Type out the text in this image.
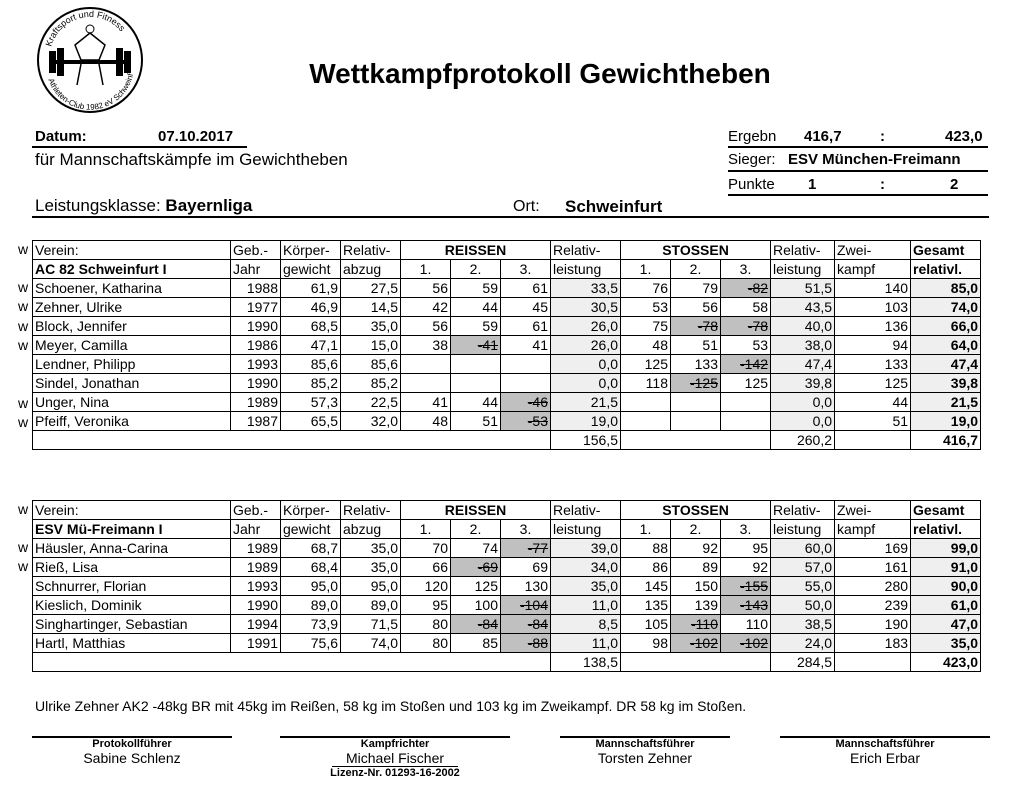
Kraftsport und Fitness
Athleten-Club 1982 eV Schweinf	Wettkampfprotokoll Gewichtheben
Datum:	07.10.2017
für Mannschaftskämpfe im Gewichtheben
Leistungsklasse: Bayernliga	Ort: Schweinfurt
Ergebn 416,7	:	423,0
Sieger: ESV München-Freimann
Punkte 1	:	2
Verein:	Geb.-	Körper-	Relativ-	REISSEN			Relativ-	STOSSEN			Relativ-	Zwei-	Gesamt
AC 82 Schweinfurt I	Jahr	gewicht	abzug	1.	2.	3.	leistung	1.	2.	3.	leistung	kampf	relativl.
Schoener, Katharina	1988	61,9	27,5	56	59	61	33,5	76	79	-82	51,5	140	85,0
Zehner, Ulrike	1977	46,9	14,5	42	44	45	30,5	53	56	58	43,5	103	74,0
Block, Jennifer	1990	68,5	35,0	56	59	61	26,0	75	-78	-78	40,0	136	66,0
Meyer, Camilla	1986	47,1	15,0	38	-41	41	26,0	48	51	53	38,0	94	64,0
Lendner, Philipp	1993	85,6	85,6				0,0	125	133	-142	47,4	133	47,4
Sindel, Jonathan	1990	85,2	85,2				0,0	118	-125	125	39,8	125	39,8
Unger, Nina	1989	57,3	22,5	41	44	-46	21,5				0,0	44	21,5
Pfeiff, Veronika	1987	65,5	32,0	48	51	-53	19,0				0,0	51	19,0
							156,5				260,2		416,7
w
w
w
w
w
w
w
Verein:	Geb.-	Körper-	Relativ-	REISSEN			Relativ-	STOSSEN			Relativ-	Zwei-	Gesamt
ESV Mü-Freimann I	Jahr	gewicht	abzug	1.	2.	3.	leistung	1.	2.	3.	leistung	kampf	relativl.
Häusler, Anna-Carina	1989	68,7	35,0	70	74	-77	39,0	88	92	95	60,0	169	99,0
Rieß, Lisa	1989	68,4	35,0	66	-69	69	34,0	86	89	92	57,0	161	91,0
Schnurrer, Florian	1993	95,0	95,0	120	125	130	35,0	145	150	-155	55,0	280	90,0
Kieslich, Dominik	1990	89,0	89,0	95	100	-104	11,0	135	139	-143	50,0	239	61,0
Singhartinger, Sebastian	1994	73,9	71,5	80	-84	-84	8,5	105	-110	110	38,5	190	47,0
Hartl, Matthias	1991	75,6	74,0	80	85	-88	11,0	98	-102	-102	24,0	183	35,0
							138,5				284,5		423,0
w
w
w
Ulrike Zehner AK2 -48kg BR mit 45kg im Reißen, 58 kg im Stoßen und 103 kg im Zweikampf. DR 58 kg im Stoßen.
Protokollführer
Sabine Schlenz
Kampfrichter
Michael Fischer
Lizenz-Nr. 01293-16-2002
Mannschaftsführer
Torsten Zehner
Mannschaftsführer
Erich Erbar
